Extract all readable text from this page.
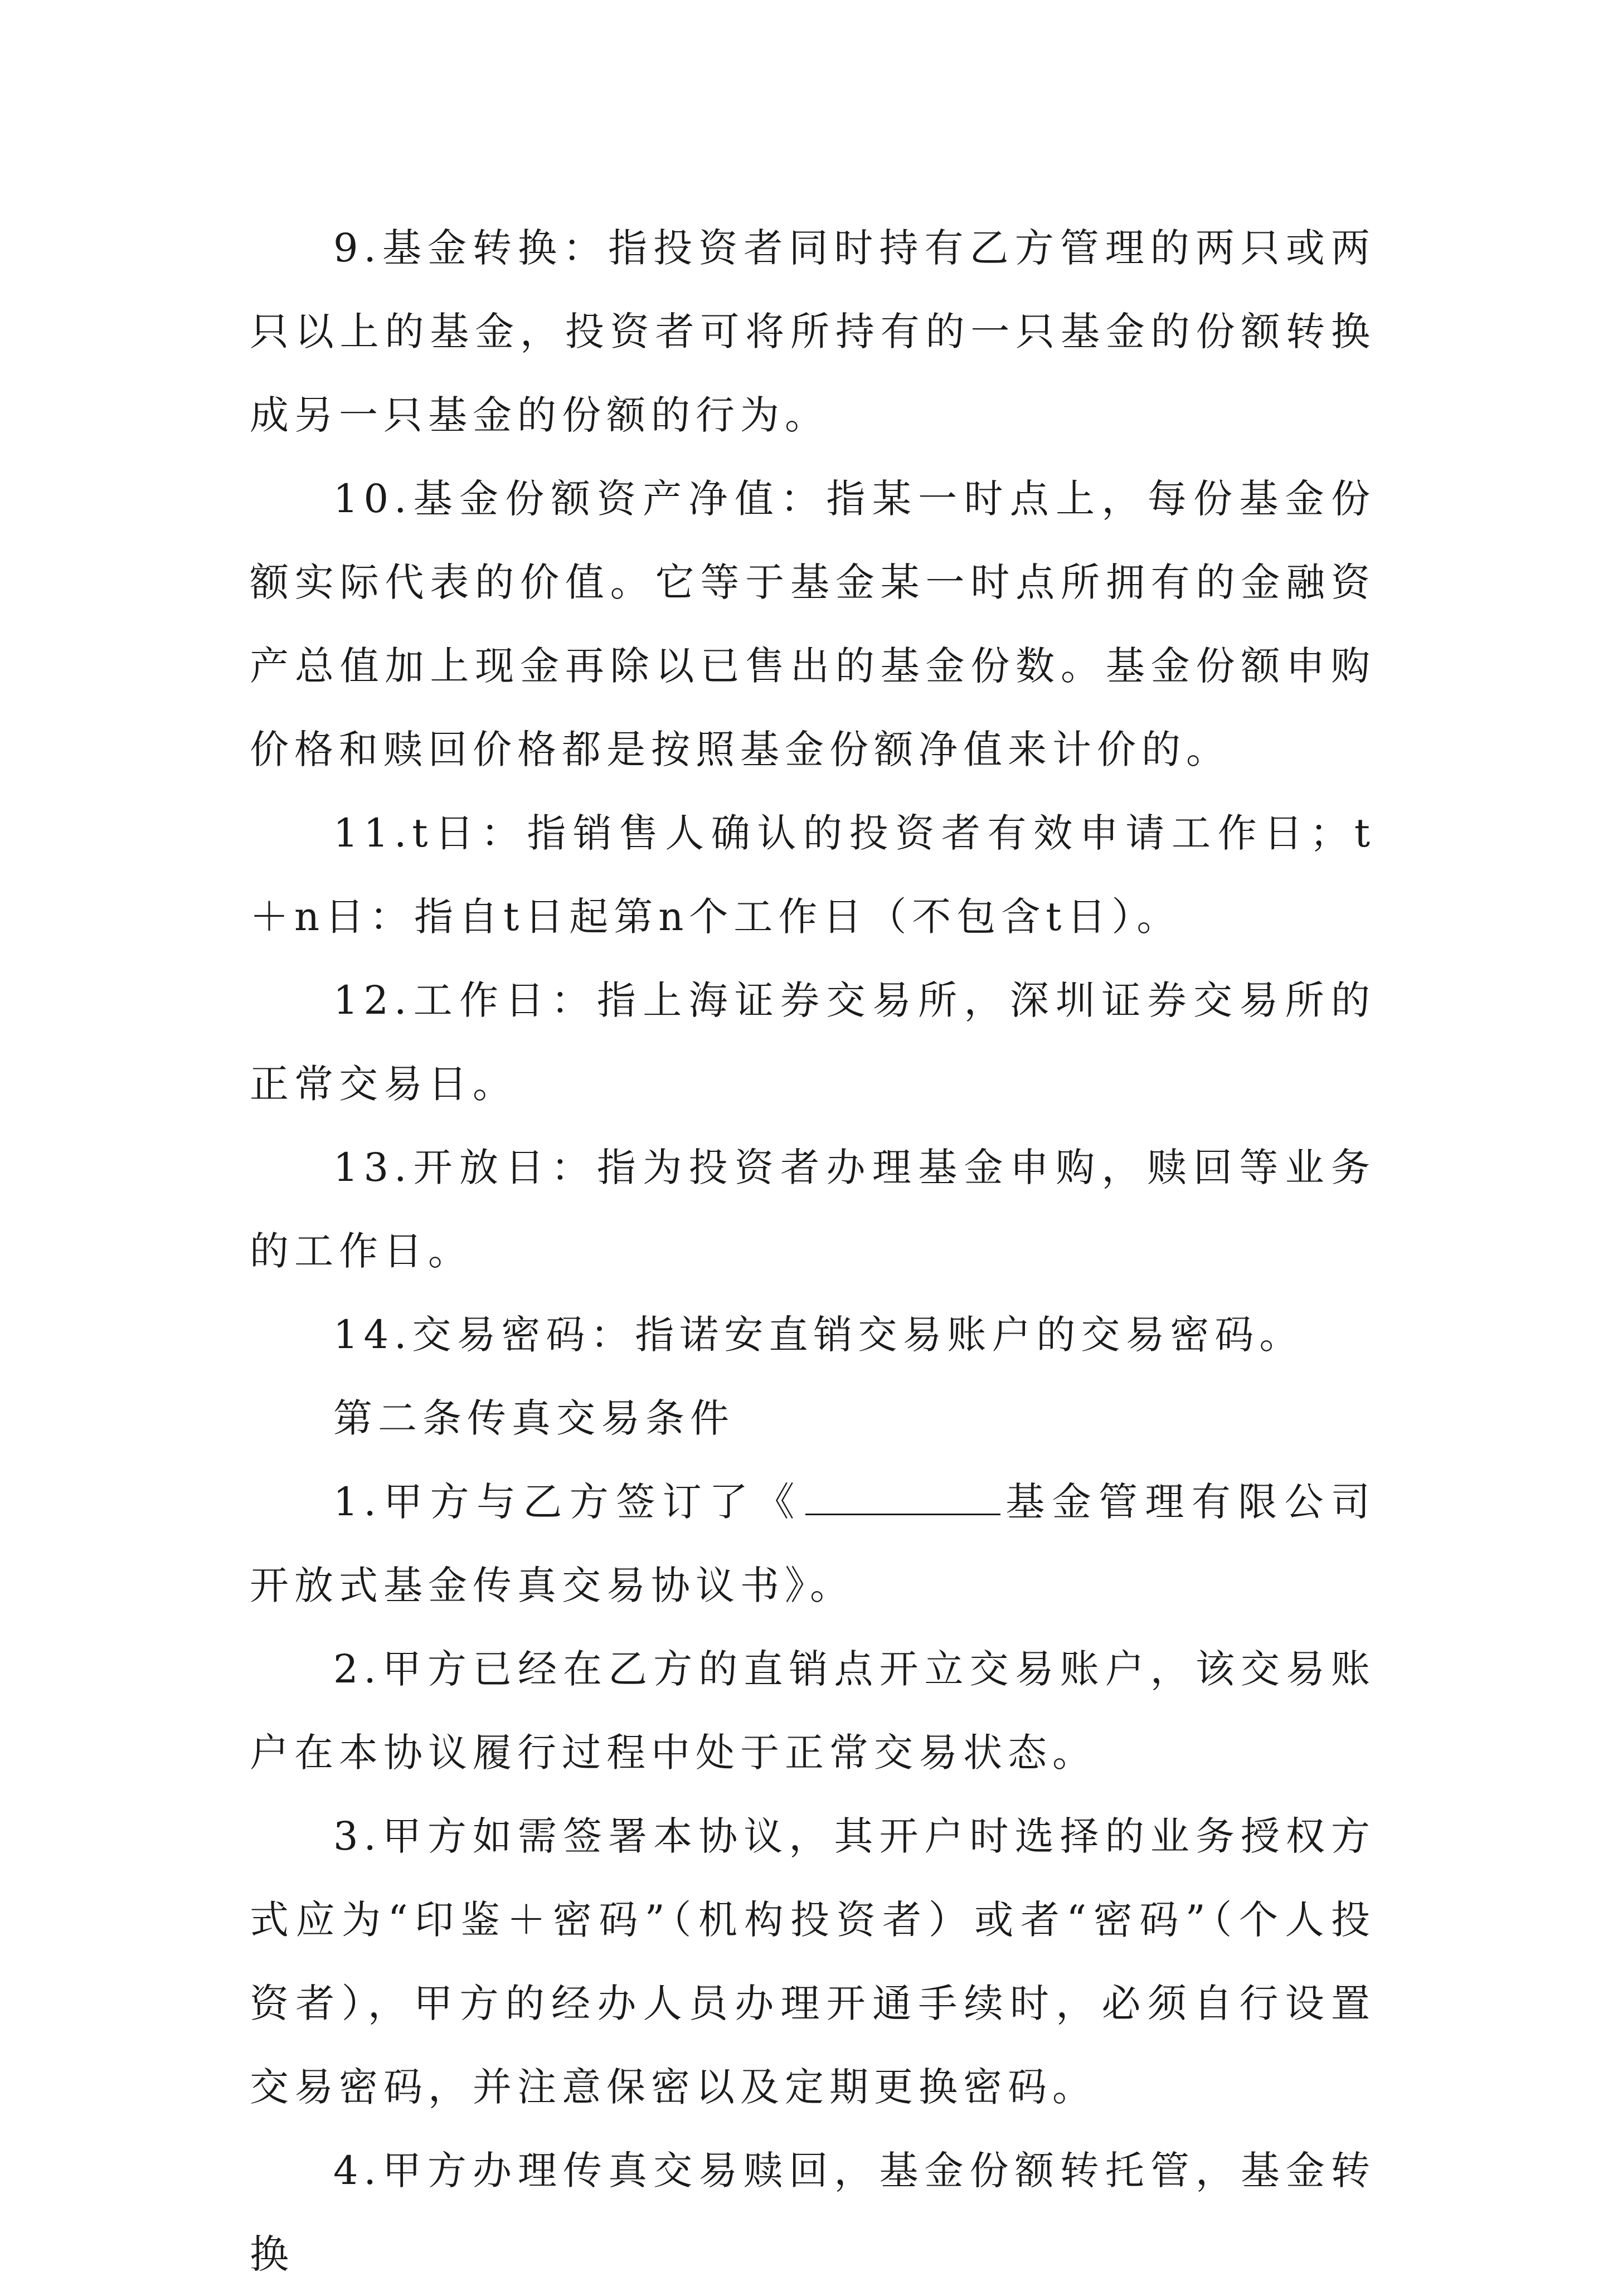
9.基金转换：指投资者同时持有乙方管理的两只或两只以上的基金，投资者可将所持有的一只基金的份额转换成另一只基金的份额的行为。

10.基金份额资产净值：指某一时点上，每份基金份额实际代表的价值。它等于基金某一时点所拥有的金融资产总值加上现金再除以已售出的基金份数。基金份额申购价格和赎回价格都是按照基金份额净值来计价的。

11.t日：指销售人确认的投资者有效申请工作日；t＋n日：指自t日起第n个工作日（不包含t日）。

12.工作日：指上海证券交易所，深圳证券交易所的正常交易日。

13.开放日：指为投资者办理基金申购，赎回等业务的工作日。

14.交易密码：指诺安直销交易账户的交易密码。

第二条传真交易条件

1.甲方与乙方签订了《	基金管理有限公司开放式基金传真交易协议书》。

2.甲方已经在乙方的直销点开立交易账户，该交易账户在本协议履行过程中处于正常交易状态。

3.甲方如需签署本协议，其开户时选择的业务授权方式应为“印鉴＋密码”（机构投资者）或者“密码”（个人投资者），甲方的经办人员办理开通手续时，必须自行设置交易密码，并注意保密以及定期更换密码。

4.甲方办理传真交易赎回，基金份额转托管，基金转换
